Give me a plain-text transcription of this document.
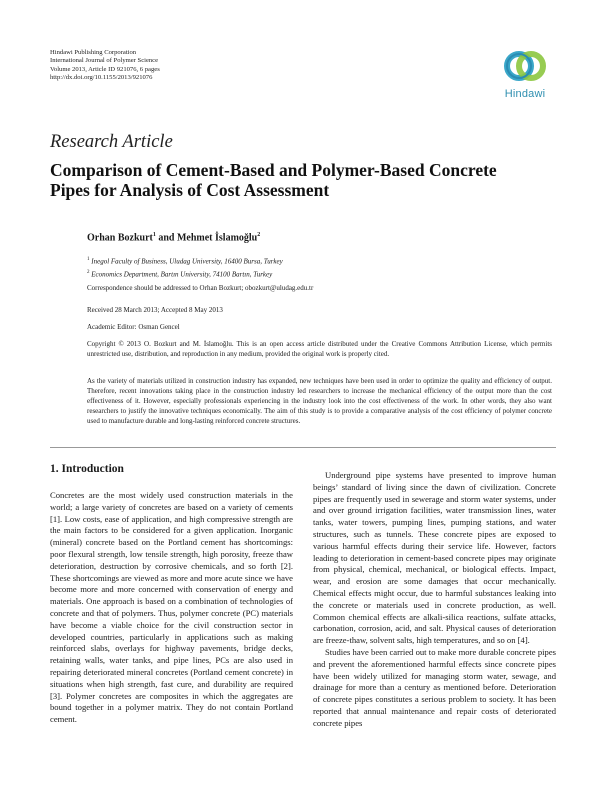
Hindawi Publishing Corporation
International Journal of Polymer Science
Volume 2013, Article ID 921076, 6 pages
http://dx.doi.org/10.1155/2013/921076
Hindawi
Research Article
Comparison of Cement-Based and Polymer-Based Concrete Pipes for Analysis of Cost Assessment
Orhan Bozkurt$^1$ and Mehmet İslamoğlu$^2$
$^1$ Inegol Faculty of Business, Uludag University, 16400 Bursa, Turkey
$^2$ Economics Department, Bartın University, 74100 Bartın, Turkey
Correspondence should be addressed to Orhan Bozkurt; obozkurt@uludag.edu.tr
Received 28 March 2013; Accepted 8 May 2013
Academic Editor: Osman Gencel
Copyright © 2013 O. Bozkurt and M. İslamoğlu. This is an open access article distributed under the Creative Commons Attribution License, which permits unrestricted use, distribution, and reproduction in any medium, provided the original work is properly cited.
As the variety of materials utilized in construction industry has expanded, new techniques have been used in order to optimize the quality and efficiency of output. Therefore, recent innovations taking place in the construction industry led researchers to increase the mechanical efficiency of the output more than the cost effectiveness of it. However, especially professionals experiencing in the industry look into the cost effectiveness of the work. In other words, they also want researchers to justify the innovative techniques economically. The aim of this study is to provide a comparative analysis of the cost efficiency of polymer concrete used to manufacture durable and long-lasting reinforced concrete structures.
1. Introduction

Concretes are the most widely used construction materials in the world; a large variety of concretes are based on a variety of cements [1]. Low costs, ease of application, and high compressive strength are the main factors to be considered for a given application. Inorganic (mineral) concrete based on the Portland cement has shortcomings: poor flexural strength, low tensile strength, high porosity, freeze thaw deterioration, destruction by corrosive chemicals, and so forth [2]. These shortcomings are viewed as more and more acute since we have become more and more concerned with conservation of energy and materials. One approach is based on a combination of technologies of concrete and that of polymers. Thus, polymer concrete (PC) materials have become a viable choice for the civil construction sector in developed countries, particularly in applications such as making reinforced slabs, overlays for highway pavements, bridge decks, retaining walls, water tanks, and pipe lines, PCs are also used in repairing deteriorated mineral concretes (Portland cement concrete) in situations when high strength, fast cure, and durability are required [3]. Polymer concretes are composites in which the aggregates are bound together in a polymer matrix. They do not contain Portland cement.

Underground pipe systems have presented to improve human beings’ standard of living since the dawn of civilization. Concrete pipes are frequently used in sewerage and storm water systems, under and over ground irrigation facilities, water transmission lines, water tanks, water towers, pumping lines, pumping stations, and water structures, such as tunnels. These concrete pipes are exposed to various harmful effects during their service life. However, factors leading to deterioration in cement-based concrete pipes may originate from physical, chemical, mechanical, or biological effects. Impact, wear, and erosion are some damages that occur mechanically. Chemical effects might occur, due to harmful substances leaking into the concrete or materials used in concrete production, as well. Common chemical effects are alkali-silica reactions, sulfate attacks, carbonation, corrosion, acid, and salt. Physical causes of deterioration are freeze-thaw, solvent salts, high temperatures, and so on [4].

Studies have been carried out to make more durable concrete pipes and prevent the aforementioned harmful effects since concrete pipes have been widely utilized for managing storm water, sewage, and drainage for more than a century as mentioned before. Deterioration of concrete pipes constitutes a serious problem to society. It has been reported that annual maintenance and repair costs of deteriorated concrete pipes
